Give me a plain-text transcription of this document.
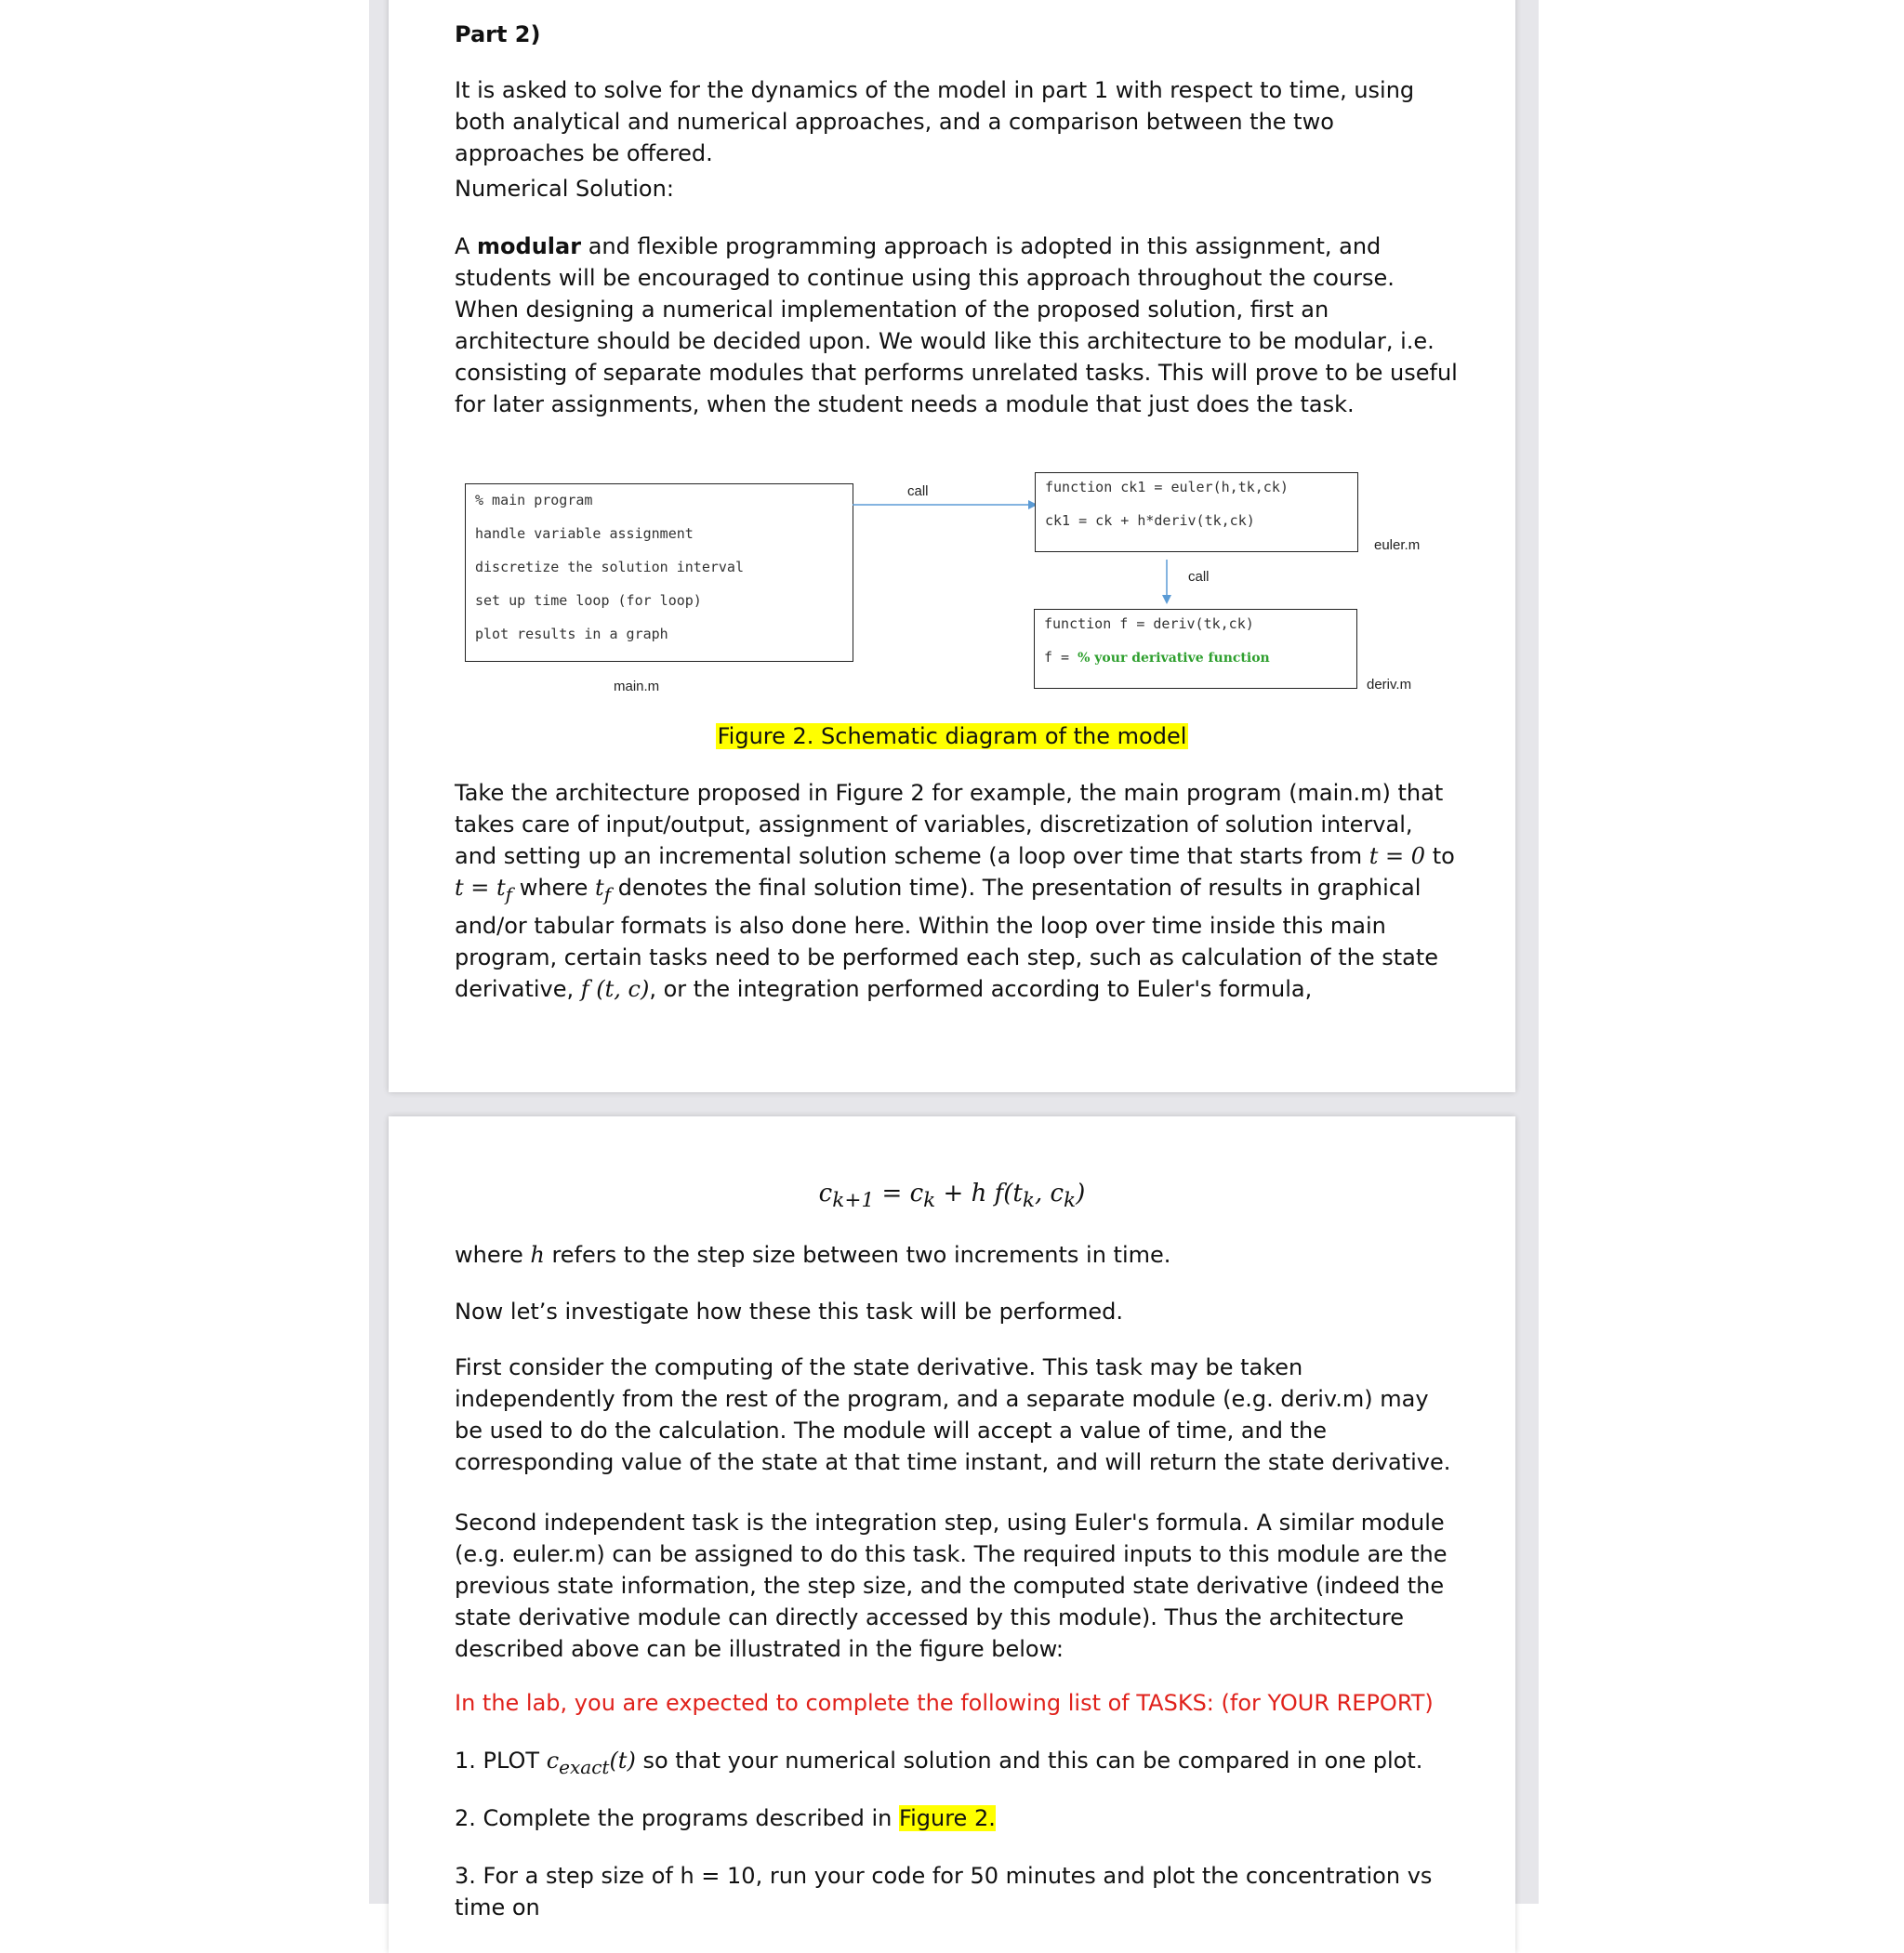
Part 2)
It is asked to solve for the dynamics of the model in part 1 with respect to time, using both analytical and numerical approaches, and a comparison between the two approaches be offered.
Numerical Solution:
A modular and flexible programming approach is adopted in this assignment, and students will be encouraged to continue using this approach throughout the course. When designing a numerical implementation of the proposed solution, first an architecture should be decided upon. We would like this architecture to be modular, i.e. consisting of separate modules that performs unrelated tasks. This will prove to be useful for later assignments, when the student needs a module that just does the task.
% main program
handle variable assignment
discretize the solution interval
set up time loop (for loop)
plot results in a graph
main.m
call	function ck1 = euler(h,tk,ck)
ck1 = ck + h*deriv(tk,ck)
euler.m
call
function f = deriv(tk,ck)
f = % your derivative function
deriv.m
Figure 2. Schematic diagram of the model
Take the architecture proposed in Figure 2 for example, the main program (main.m) that takes care of input/output, assignment of variables, discretization of solution interval, and setting up an incremental solution scheme (a loop over time that starts from t = 0 to $t = t_f$ where $t_f$ denotes the final solution time). The presentation of results in graphical and/or tabular formats is also done here. Within the loop over time inside this main program, certain tasks need to be performed each step, such as calculation of the state derivative, f (t, c), or the integration performed according to Euler's formula,
$c_{k+1} = c_k + h$ $f(t_k$, $c_k$)
where h refers to the step size between two increments in time.
Now let’s investigate how these this task will be performed.
First consider the computing of the state derivative. This task may be taken independently from the rest of the program, and a separate module (e.g. deriv.m) may be used to do the calculation. The module will accept a value of time, and the corresponding value of the state at that time instant, and will return the state derivative.
Second independent task is the integration step, using Euler's formula. A similar module (e.g. euler.m) can be assigned to do this task. The required inputs to this module are the previous state information, the step size, and the computed state derivative (indeed the state derivative module can directly accessed by this module). Thus the architecture described above can be illustrated in the figure below:
In the lab, you are expected to complete the following list of TASKS: (for YOUR REPORT)
1. PLOT $c_{exact}(t)$ so that your numerical solution and this can be compared in one plot.
2. Complete the programs described in Figure 2.
3. For a step size of h = 10, run your code for 50 minutes and plot the concentration vs time on
